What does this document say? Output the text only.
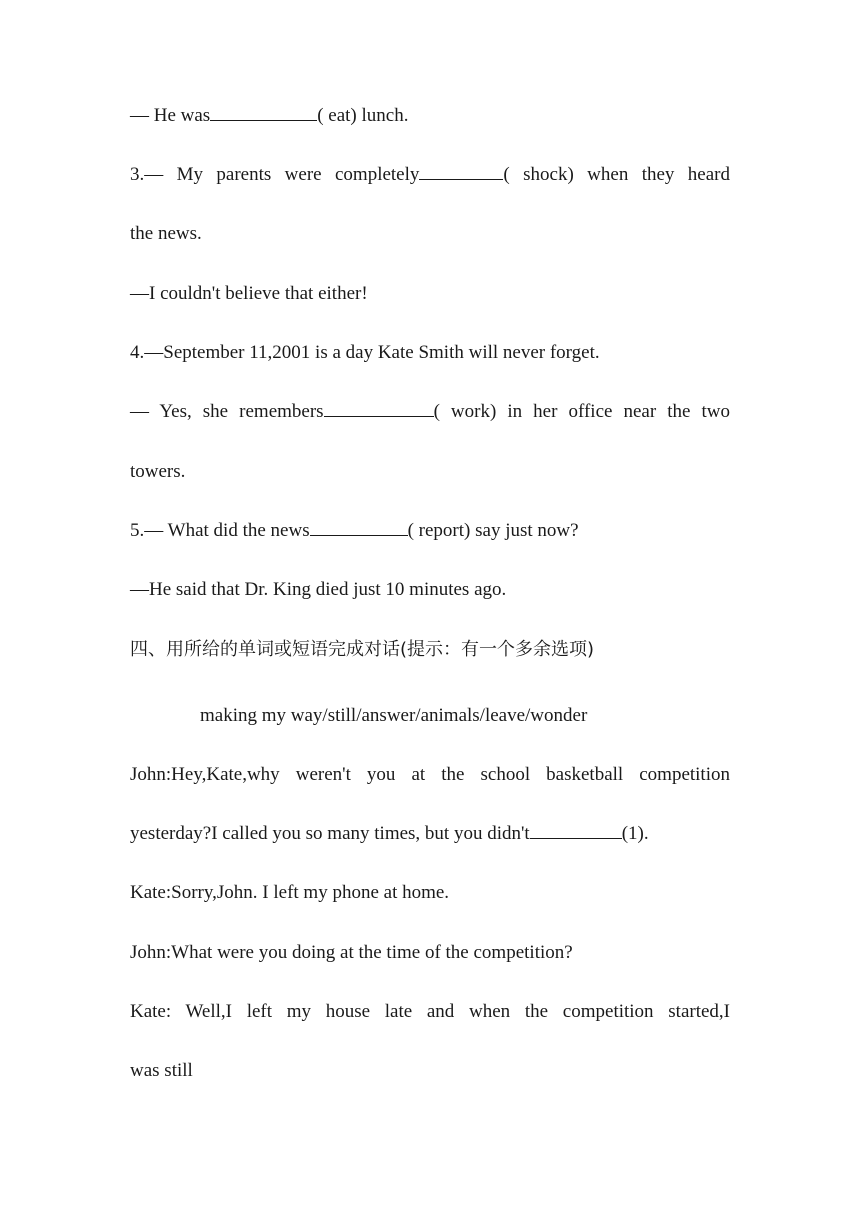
— He was	( eat) lunch.
3.— My parents were completely	( shock) when they heard
the news.
—I couldn't believe that either!
4.—September 11,2001 is a day Kate Smith will never forget.
— Yes, she remembers	( work) in her office near the two
towers.
5.— What did the news	( report) say just now?
—He said that Dr. King died just 10 minutes ago.
四、用所给的单词或短语完成对话(提示：有一个多余选项)
making my way/still/answer/animals/leave/wonder
John:Hey,Kate,why weren't you at the school basketball competition
yesterday?I called you so many times, but you didn't	(1).
Kate:Sorry,John. I left my phone at home.
John:What were you doing at the time of the competition?
Kate: Well,I left my house late and when the competition started,I
was still
